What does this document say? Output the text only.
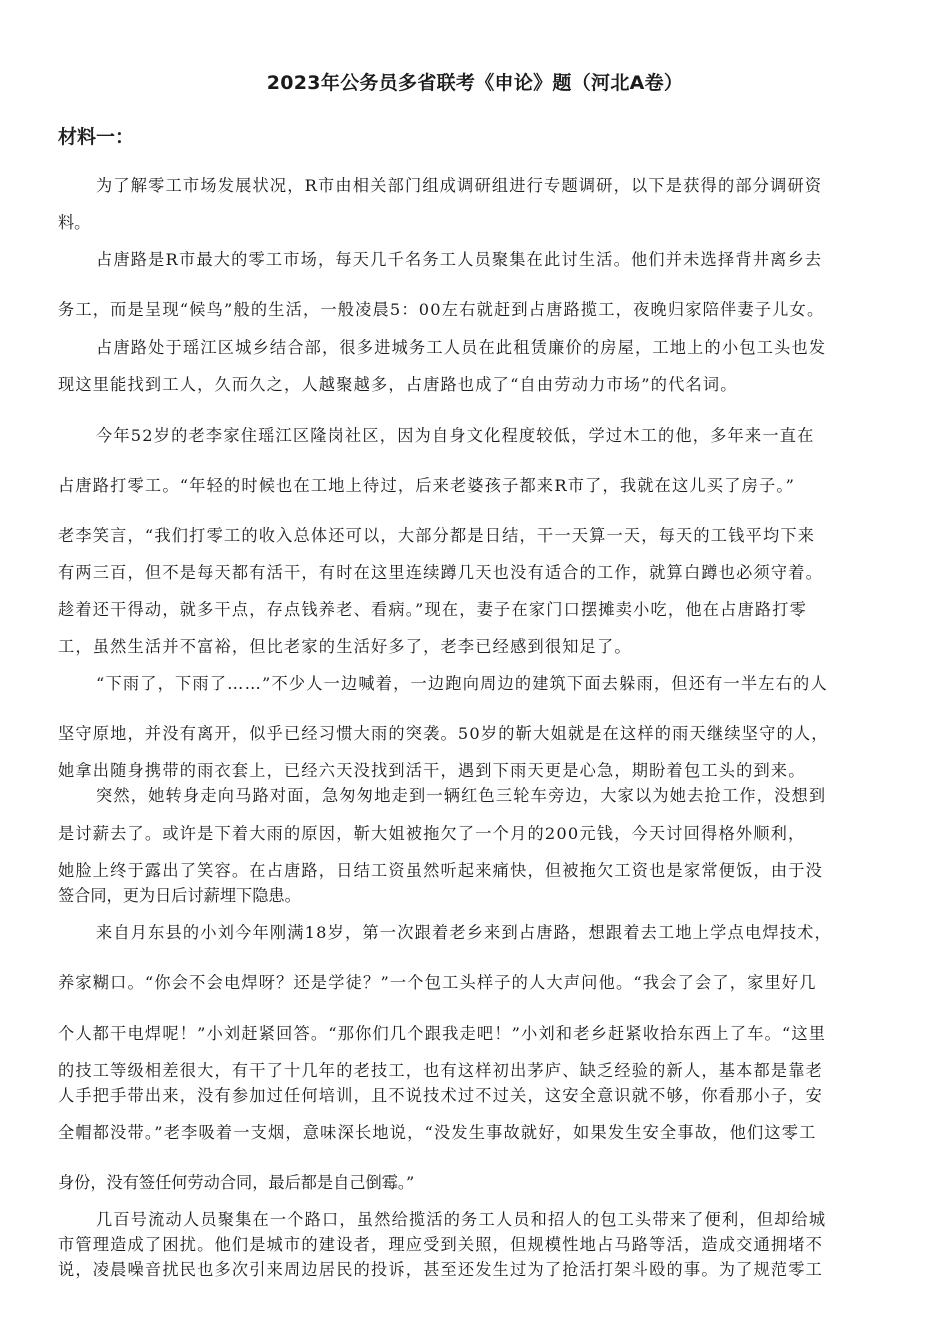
2023年公务员多省联考《申论》题（河北A卷）
材料一：

为了解零工市场发展状况，R市由相关部门组成调研组进行专题调研，以下是获得的部分调研资

料。

占唐路是R市最大的零工市场，每天几千名务工人员聚集在此讨生活。他们并未选择背井离乡去

务工，而是呈现“候鸟”般的生活，一般凌晨5：00左右就赶到占唐路揽工，夜晚归家陪伴妻子儿女。

占唐路处于瑶江区城乡结合部，很多进城务工人员在此租赁廉价的房屋，工地上的小包工头也发

现这里能找到工人，久而久之，人越聚越多，占唐路也成了“自由劳动力市场”的代名词。

今年52岁的老李家住瑶江区隆岗社区，因为自身文化程度较低，学过木工的他，多年来一直在

占唐路打零工。“年轻的时候也在工地上待过，后来老婆孩子都来R市了，我就在这儿买了房子。”

老李笑言，“我们打零工的收入总体还可以，大部分都是日结，干一天算一天，每天的工钱平均下来

有两三百，但不是每天都有活干，有时在这里连续蹲几天也没有适合的工作，就算白蹲也必须守着。

趁着还干得动，就多干点，存点钱养老、看病。”现在，妻子在家门口摆摊卖小吃，他在占唐路打零

工，虽然生活并不富裕，但比老家的生活好多了，老李已经感到很知足了。

“下雨了，下雨了……”不少人一边喊着，一边跑向周边的建筑下面去躲雨，但还有一半左右的人

坚守原地，并没有离开，似乎已经习惯大雨的突袭。50岁的靳大姐就是在这样的雨天继续坚守的人，

她拿出随身携带的雨衣套上，已经六天没找到活干，遇到下雨天更是心急，期盼着包工头的到来。

突然，她转身走向马路对面，急匆匆地走到一辆红色三轮车旁边，大家以为她去抢工作，没想到

是讨薪去了。或许是下着大雨的原因，靳大姐被拖欠了一个月的200元钱，今天讨回得格外顺利，

她脸上终于露出了笑容。在占唐路，日结工资虽然听起来痛快，但被拖欠工资也是家常便饭，由于没

签合同，更为日后讨薪埋下隐患。

来自月东县的小刘今年刚满18岁，第一次跟着老乡来到占唐路，想跟着去工地上学点电焊技术，

养家糊口。“你会不会电焊呀？还是学徒？”一个包工头样子的人大声问他。“我会了会了，家里好几

个人都干电焊呢！”小刘赶紧回答。“那你们几个跟我走吧！”小刘和老乡赶紧收拾东西上了车。“这里

的技工等级相差很大，有干了十几年的老技工，也有这样初出茅庐、缺乏经验的新人，基本都是靠老

人手把手带出来，没有参加过任何培训，且不说技术过不过关，这安全意识就不够，你看那小子，安

全帽都没带。”老李吸着一支烟，意味深长地说，“没发生事故就好，如果发生安全事故，他们这零工

身份，没有签任何劳动合同，最后都是自己倒霉。”

几百号流动人员聚集在一个路口，虽然给揽活的务工人员和招人的包工头带来了便利，但却给城

市管理造成了困扰。他们是城市的建设者，理应受到关照，但规模性地占马路等活，造成交通拥堵不

说，凌晨噪音扰民也多次引来周边居民的投诉，甚至还发生过为了抢活打架斗殴的事。为了规范零工
